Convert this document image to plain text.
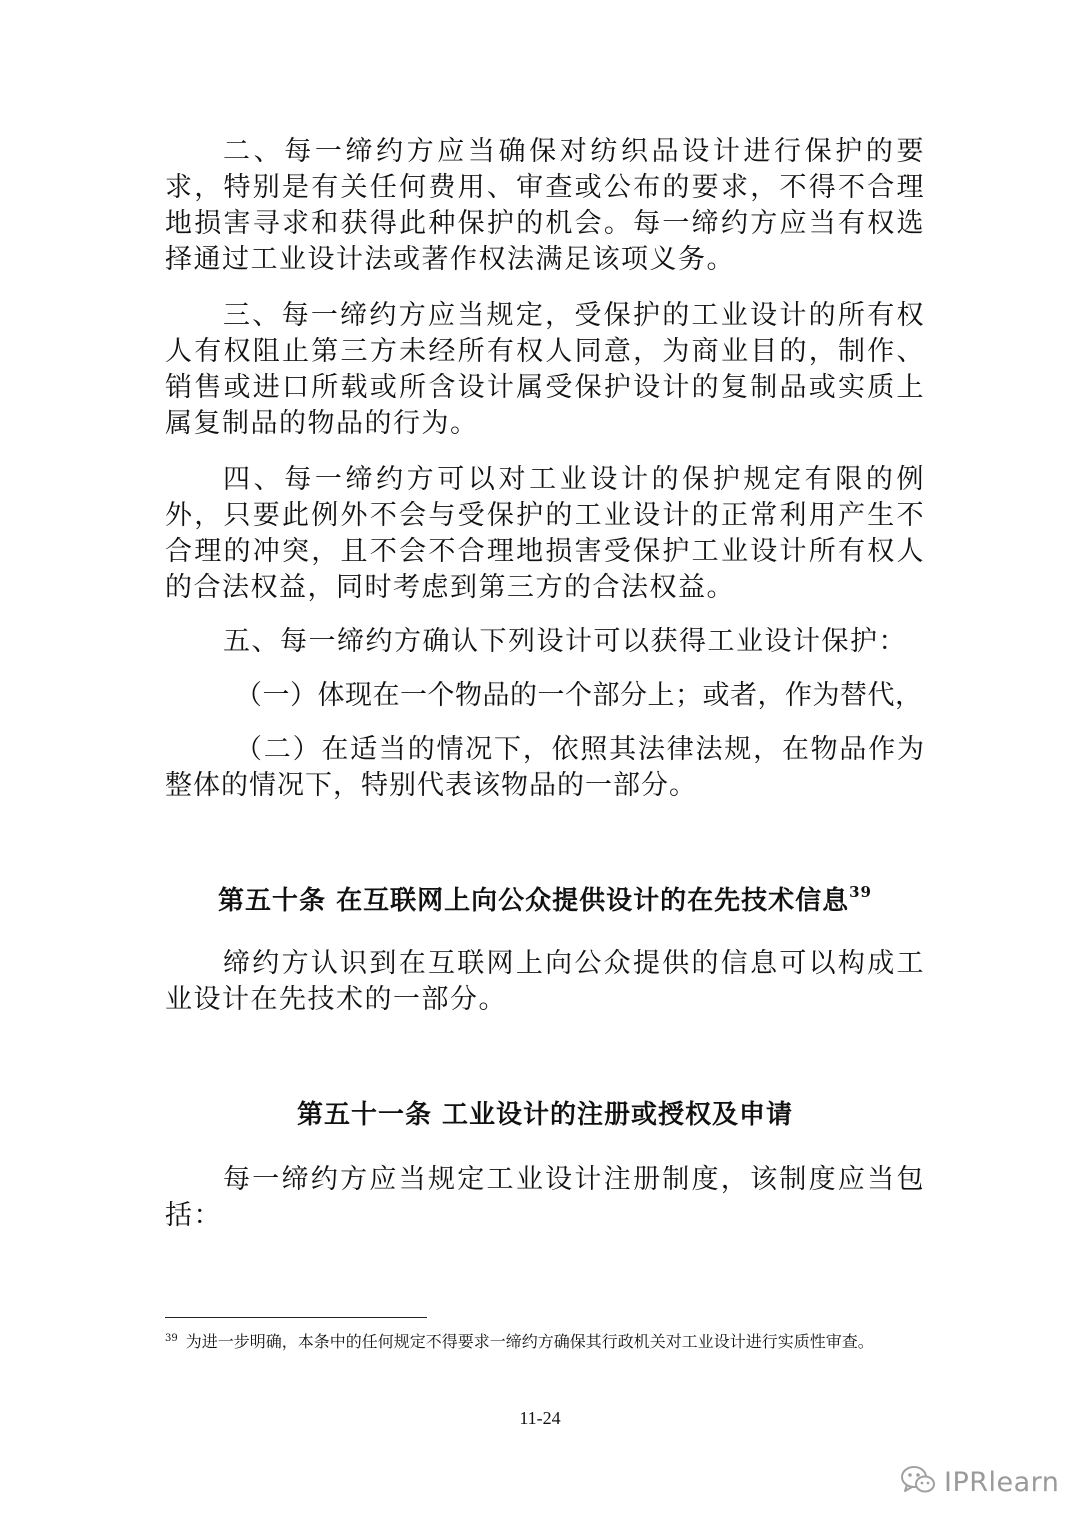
二、每一缔约方应当确保对纺织品设计进行保护的要求，特别是有关任何费用、审查或公布的要求，不得不合理地损害寻求和获得此种保护的机会。每一缔约方应当有权选择通过工业设计法或著作权法满足该项义务。

三、每一缔约方应当规定，受保护的工业设计的所有权人有权阻止第三方未经所有权人同意，为商业目的，制作、销售或进口所载或所含设计属受保护设计的复制品或实质上属复制品的物品的行为。

四、每一缔约方可以对工业设计的保护规定有限的例外，只要此例外不会与受保护的工业设计的正常利用产生不合理的冲突，且不会不合理地损害受保护工业设计所有权人的合法权益，同时考虑到第三方的合法权益。

五、每一缔约方确认下列设计可以获得工业设计保护：

（一）体现在一个物品的一个部分上；或者，作为替代，

（二）在适当的情况下，依照其法律法规，在物品作为整体的情况下，特别代表该物品的一部分。

第五十条 在互联网上向公众提供设计的在先技术信息$^{39}$

缔约方认识到在互联网上向公众提供的信息可以构成工业设计在先技术的一部分。

第五十一条 工业设计的注册或授权及申请

每一缔约方应当规定工业设计注册制度，该制度应当包括：

$^{39}$ 为进一步明确，本条中的任何规定不得要求一缔约方确保其行政机关对工业设计进行实质性审查。

11-24
IPRlearn
